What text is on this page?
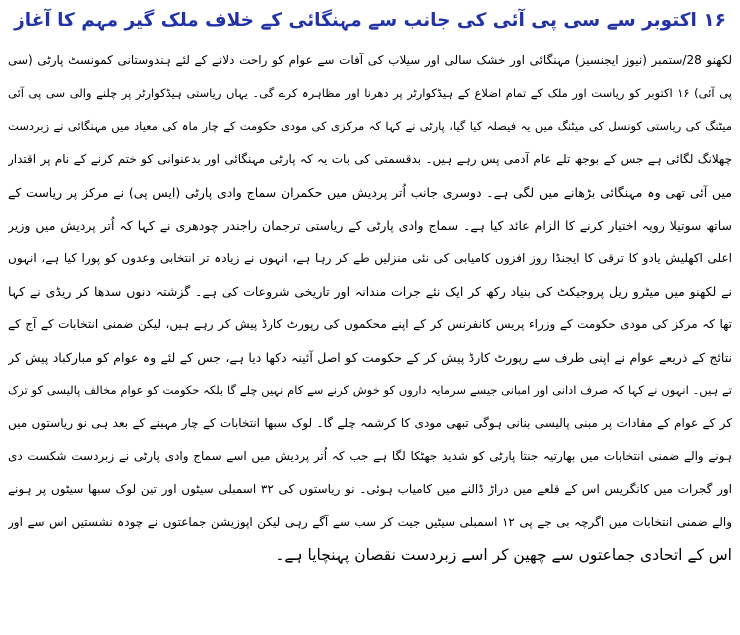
۱۶ اکتوبر سے سی پی آئی کی جانب سے مہنگائی کے خلاف ملک گیر مہم کا آغاز
لکھنو 28/ستمبر (نیوز ایجنسیز) مہنگائی اور خشک سالی اور سیلاب کی آفات سے عوام کو راحت دلانے کے لئے ہندوستانی کمونسٹ پارٹی (سی
پی آئی) ۱۶ اکتوبر کو ریاست اور ملک کے تمام اضلاع کے ہیڈکوارٹر پر دھرنا اور مظاہرہ کرے گی۔ یہاں ریاستی ہیڈکوارٹر پر چلنے والی سی پی آئی
میٹنگ کی ریاستی کونسل کی میٹنگ میں یہ فیصلہ کیا گیا، پارٹی نے کہا کہ مرکزی کی مودی حکومت کے چار ماہ کی معیاد میں مہنگائی نے زبردست
چھلانگ لگائی ہے جس کے بوجھ تلے عام آدمی پس رہے ہیں۔ بدقسمتی کی بات یہ کہ پارٹی مہنگائی اور بدعنوانی کو ختم کرنے کے نام پر اقتدار
میں آئی تھی وہ مہنگائی بڑھانے میں لگی ہے۔ دوسری جانب اُتر پردیش میں حکمران سماج وادی پارٹی (ایس پی) نے مرکز پر ریاست کے
ساتھ سوتیلا رویہ اختیار کرنے کا الزام عائد کیا ہے۔ سماج وادی پارٹی کے ریاستی ترجمان راجندر چودھری نے کہا کہ اُتر پردیش میں وزیر
اعلی اکھلیش یادو کا ترقی کا ایجنڈا روز افزوں کامیابی کی نئی منزلیں طے کر رہا ہے، انہوں نے زیادہ تر انتخابی وعدوں کو پورا کیا ہے، انہوں
نے لکھنو میں میٹرو ریل پروجیکٹ کی بنیاد رکھ کر ایک نئے جرات مندانہ اور تاریخی شروعات کی ہے۔ گزشتہ دنوں سدھا کر ریڈی نے کہا
تھا کہ مرکز کی مودی حکومت کے وزراء پریس کانفرنس کر کے اپنے محکموں کی رپورٹ کارڈ پیش کر رہے ہیں، لیکن ضمنی انتخابات کے آج کے
نتائج کے ذریعے عوام نے اپنی طرف سے رپورٹ کارڈ پیش کر کے حکومت کو اصل آئینہ دکھا دیا ہے، جس کے لئے وہ عوام کو مبارکباد پیش کر
تے ہیں۔ انہوں نے کہا کہ صرف ادانی اور امبانی جیسے سرمایہ داروں کو خوش کرنے سے کام نہیں چلے گا بلکہ حکومت کو عوام مخالف پالیسی کو ترک
کر کے عوام کے مفادات پر مبنی پالیسی بنانی ہوگی تبھی مودی کا کرشمہ چلے گا۔ لوک سبھا انتخابات کے چار مہینے کے بعد ہی نو ریاستوں میں
ہونے والے ضمنی انتخابات میں بھارتیہ جنتا پارٹی کو شدید جھٹکا لگا ہے جب کہ اُتر پردیش میں اسے سماج وادی پارٹی نے زبردست شکست دی
اور گجرات میں کانگریس اس کے قلعے میں دراڑ ڈالنے میں کامیاب ہوئی۔ نو ریاستوں کی ۳۲ اسمبلی سیٹوں اور تین لوک سبھا سیٹوں پر ہونے
والے ضمنی انتخابات میں اگرچہ بی جے پی ۱۲ اسمبلی سیٹیں جیت کر سب سے آگے رہی لیکن اپوزیشن جماعتوں نے چودہ نشستیں اس سے اور
اس کے اتحادی جماعتوں سے چھین کر اسے زبردست نقصان پہنچایا ہے۔
